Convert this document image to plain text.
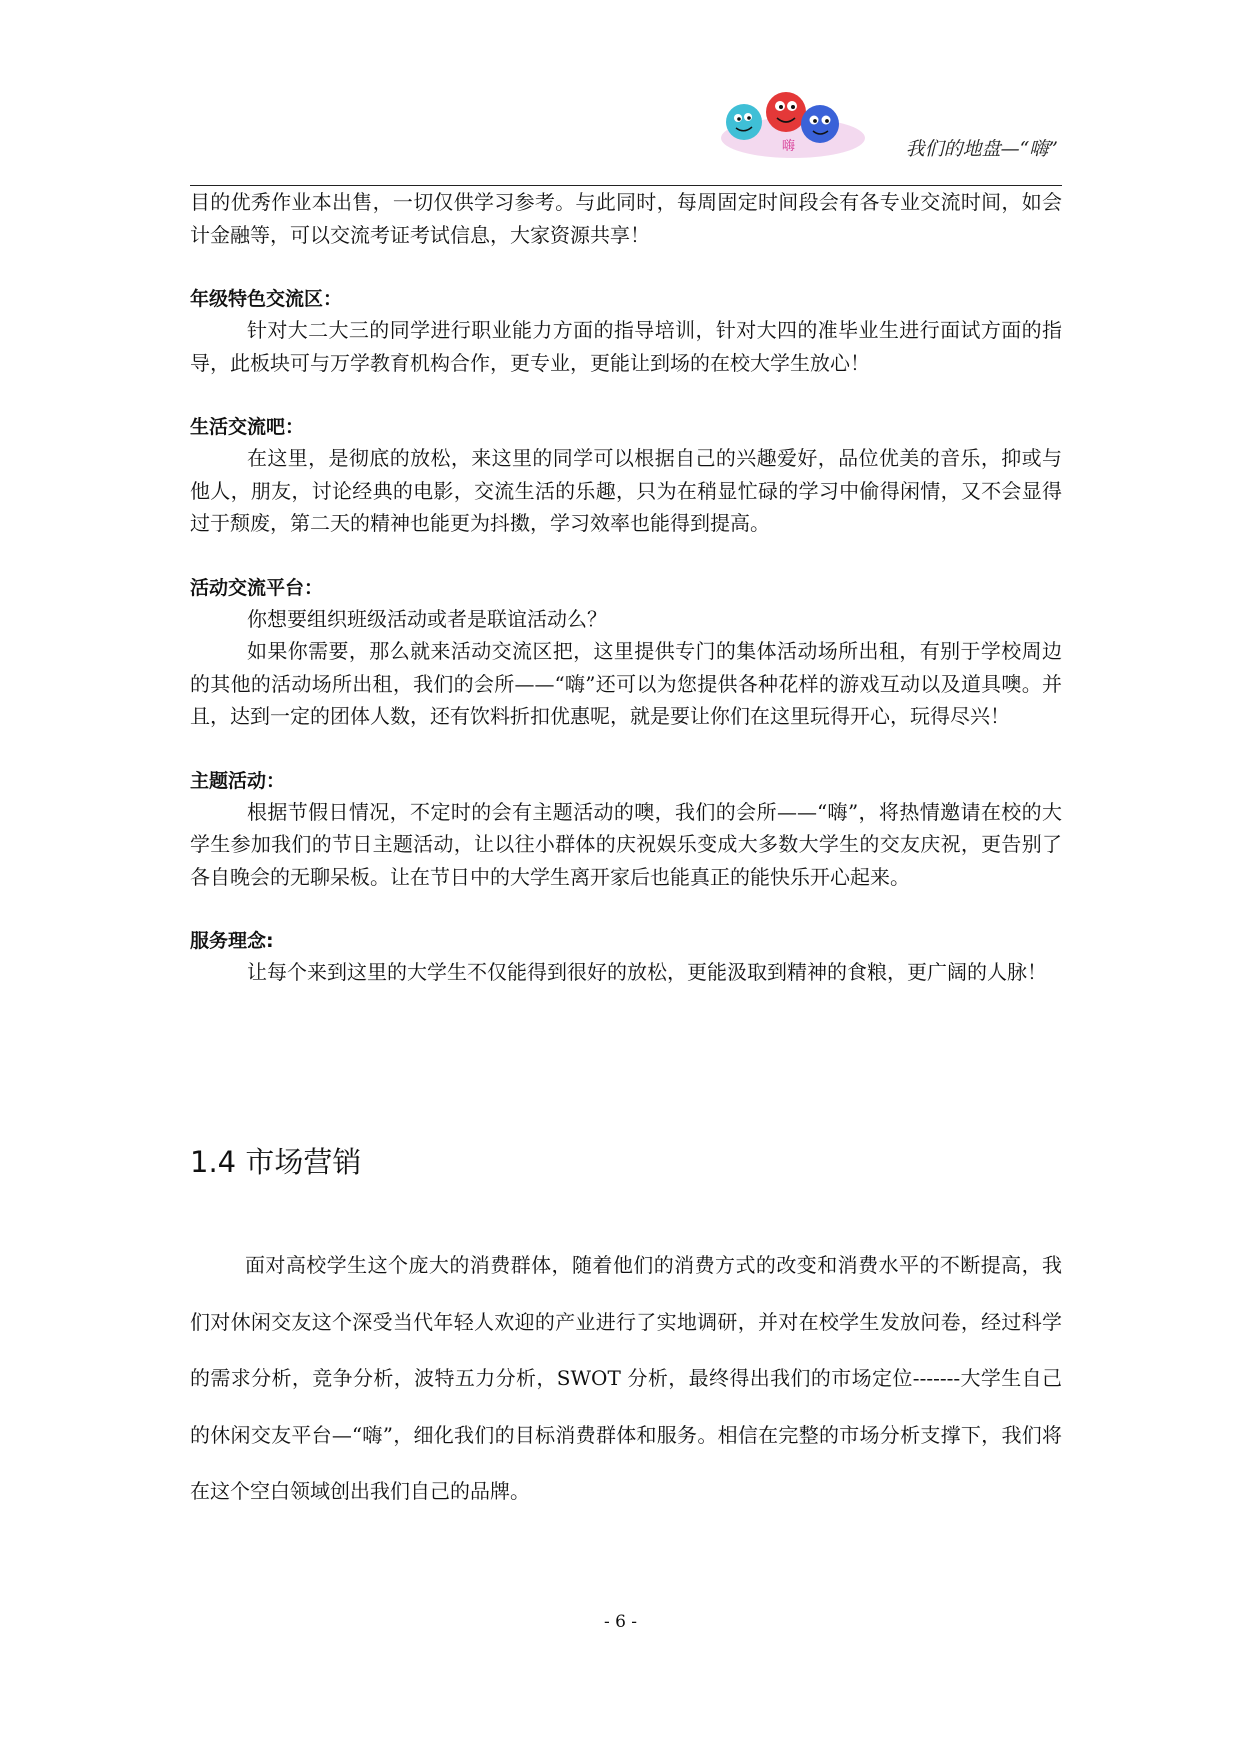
嗨	我们的地盘—“嗨”

目的优秀作业本出售，一切仅供学习参考。与此同时，每周固定时间段会有各专业交流时间，如会计金融等，可以交流考证考试信息，大家资源共享！

年级特色交流区：

针对大二大三的同学进行职业能力方面的指导培训，针对大四的准毕业生进行面试方面的指导，此板块可与万学教育机构合作，更专业，更能让到场的在校大学生放心！

生活交流吧：

在这里，是彻底的放松，来这里的同学可以根据自己的兴趣爱好，品位优美的音乐，抑或与他人，朋友，讨论经典的电影，交流生活的乐趣，只为在稍显忙碌的学习中偷得闲情，又不会显得过于颓废，第二天的精神也能更为抖擞，学习效率也能得到提高。

活动交流平台：

你想要组织班级活动或者是联谊活动么？

如果你需要，那么就来活动交流区把，这里提供专门的集体活动场所出租，有别于学校周边的其他的活动场所出租，我们的会所——“嗨”还可以为您提供各种花样的游戏互动以及道具噢。并且，达到一定的团体人数，还有饮料折扣优惠呢，就是要让你们在这里玩得开心，玩得尽兴！

主题活动：

根据节假日情况，不定时的会有主题活动的噢，我们的会所——“嗨”，将热情邀请在校的大学生参加我们的节日主题活动，让以往小群体的庆祝娱乐变成大多数大学生的交友庆祝，更告别了各自晚会的无聊呆板。让在节日中的大学生离开家后也能真正的能快乐开心起来。

服务理念:

让每个来到这里的大学生不仅能得到很好的放松，更能汲取到精神的食粮，更广阔的人脉！

1.4 市场营销

面对高校学生这个庞大的消费群体，随着他们的消费方式的改变和消费水平的不断提高，我们对休闲交友这个深受当代年轻人欢迎的产业进行了实地调研，并对在校学生发放问卷，经过科学的需求分析，竞争分析，波特五力分析，SWOT 分析，最终得出我们的市场定位-------大学生自己的休闲交友平台—“嗨”，细化我们的目标消费群体和服务。相信在完整的市场分析支撑下，我们将在这个空白领域创出我们自己的品牌。

- 6 -
